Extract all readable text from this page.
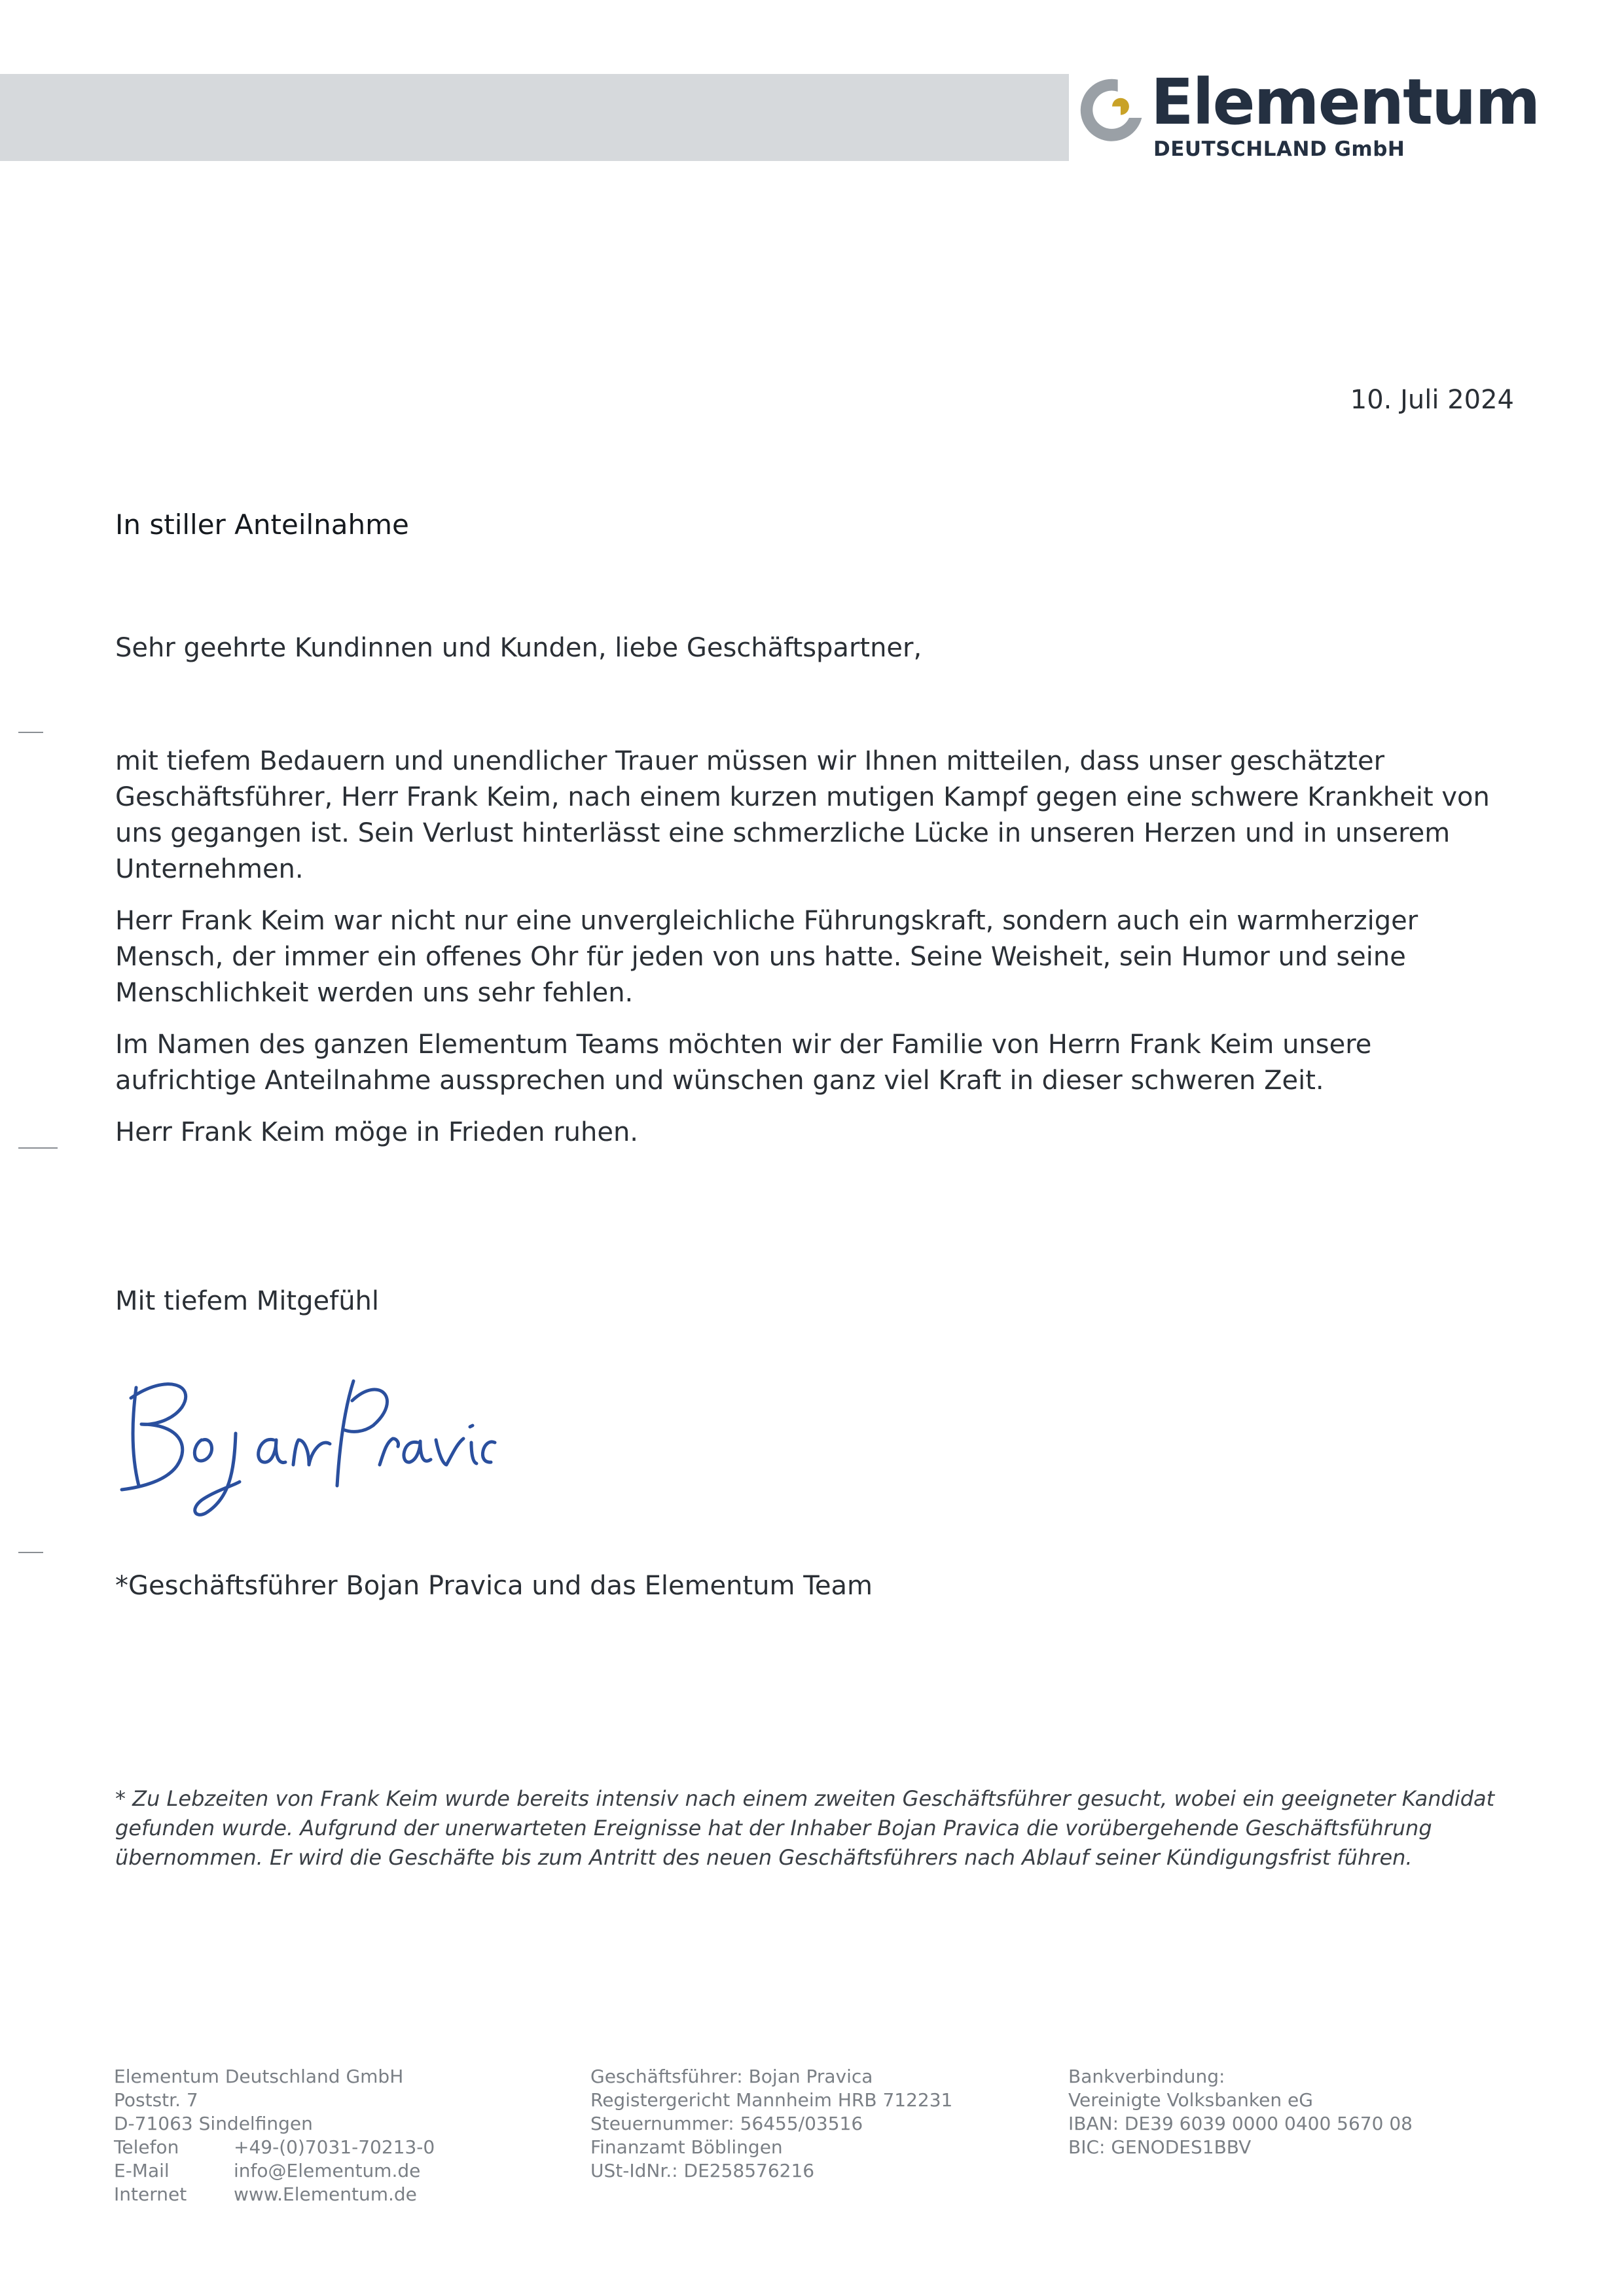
Elementum
DEUTSCHLAND GmbH
10. Juli 2024
In stiller Anteilnahme
Sehr geehrte Kundinnen und Kunden, liebe Geschäftspartner,

mit tiefem Bedauern und unendlicher Trauer müssen wir Ihnen mitteilen, dass unser geschätzter Geschäftsführer, Herr Frank Keim, nach einem kurzen mutigen Kampf gegen eine schwere Krankheit von uns gegangen ist. Sein Verlust hinterlässt eine schmerzliche Lücke in unseren Herzen und in unserem Unternehmen.

Herr Frank Keim war nicht nur eine unvergleichliche Führungskraft, sondern auch ein warmherziger Mensch, der immer ein offenes Ohr für jeden von uns hatte. Seine Weisheit, sein Humor und seine Menschlichkeit werden uns sehr fehlen.

Im Namen des ganzen Elementum Teams möchten wir der Familie von Herrn Frank Keim unsere aufrichtige Anteilnahme aussprechen und wünschen ganz viel Kraft in dieser schweren Zeit.

Herr Frank Keim möge in Frieden ruhen.

Mit tiefem Mitgefühl
*Geschäftsführer Bojan Pravica und das Elementum Team
* Zu Lebzeiten von Frank Keim wurde bereits intensiv nach einem zweiten Geschäftsführer gesucht, wobei ein geeigneter Kandidat gefunden wurde. Aufgrund der unerwarteten Ereignisse hat der Inhaber Bojan Pravica die vorübergehende Geschäftsführung übernommen. Er wird die Geschäfte bis zum Antritt des neuen Geschäftsführers nach Ablauf seiner Kündigungsfrist führen.
Elementum Deutschland GmbH
Poststr. 7
D-71063 Sindelfingen
Telefon	+49-(0)7031-70213-0
E-Mail	info@Elementum.de
Internet	www.Elementum.de
Geschäftsführer: Bojan Pravica
Registergericht Mannheim HRB 712231
Steuernummer: 56455/03516
Finanzamt Böblingen
USt-IdNr.: DE258576216
Bankverbindung:
Vereinigte Volksbanken eG
IBAN: DE39 6039 0000 0400 5670 08
BIC: GENODES1BBV
